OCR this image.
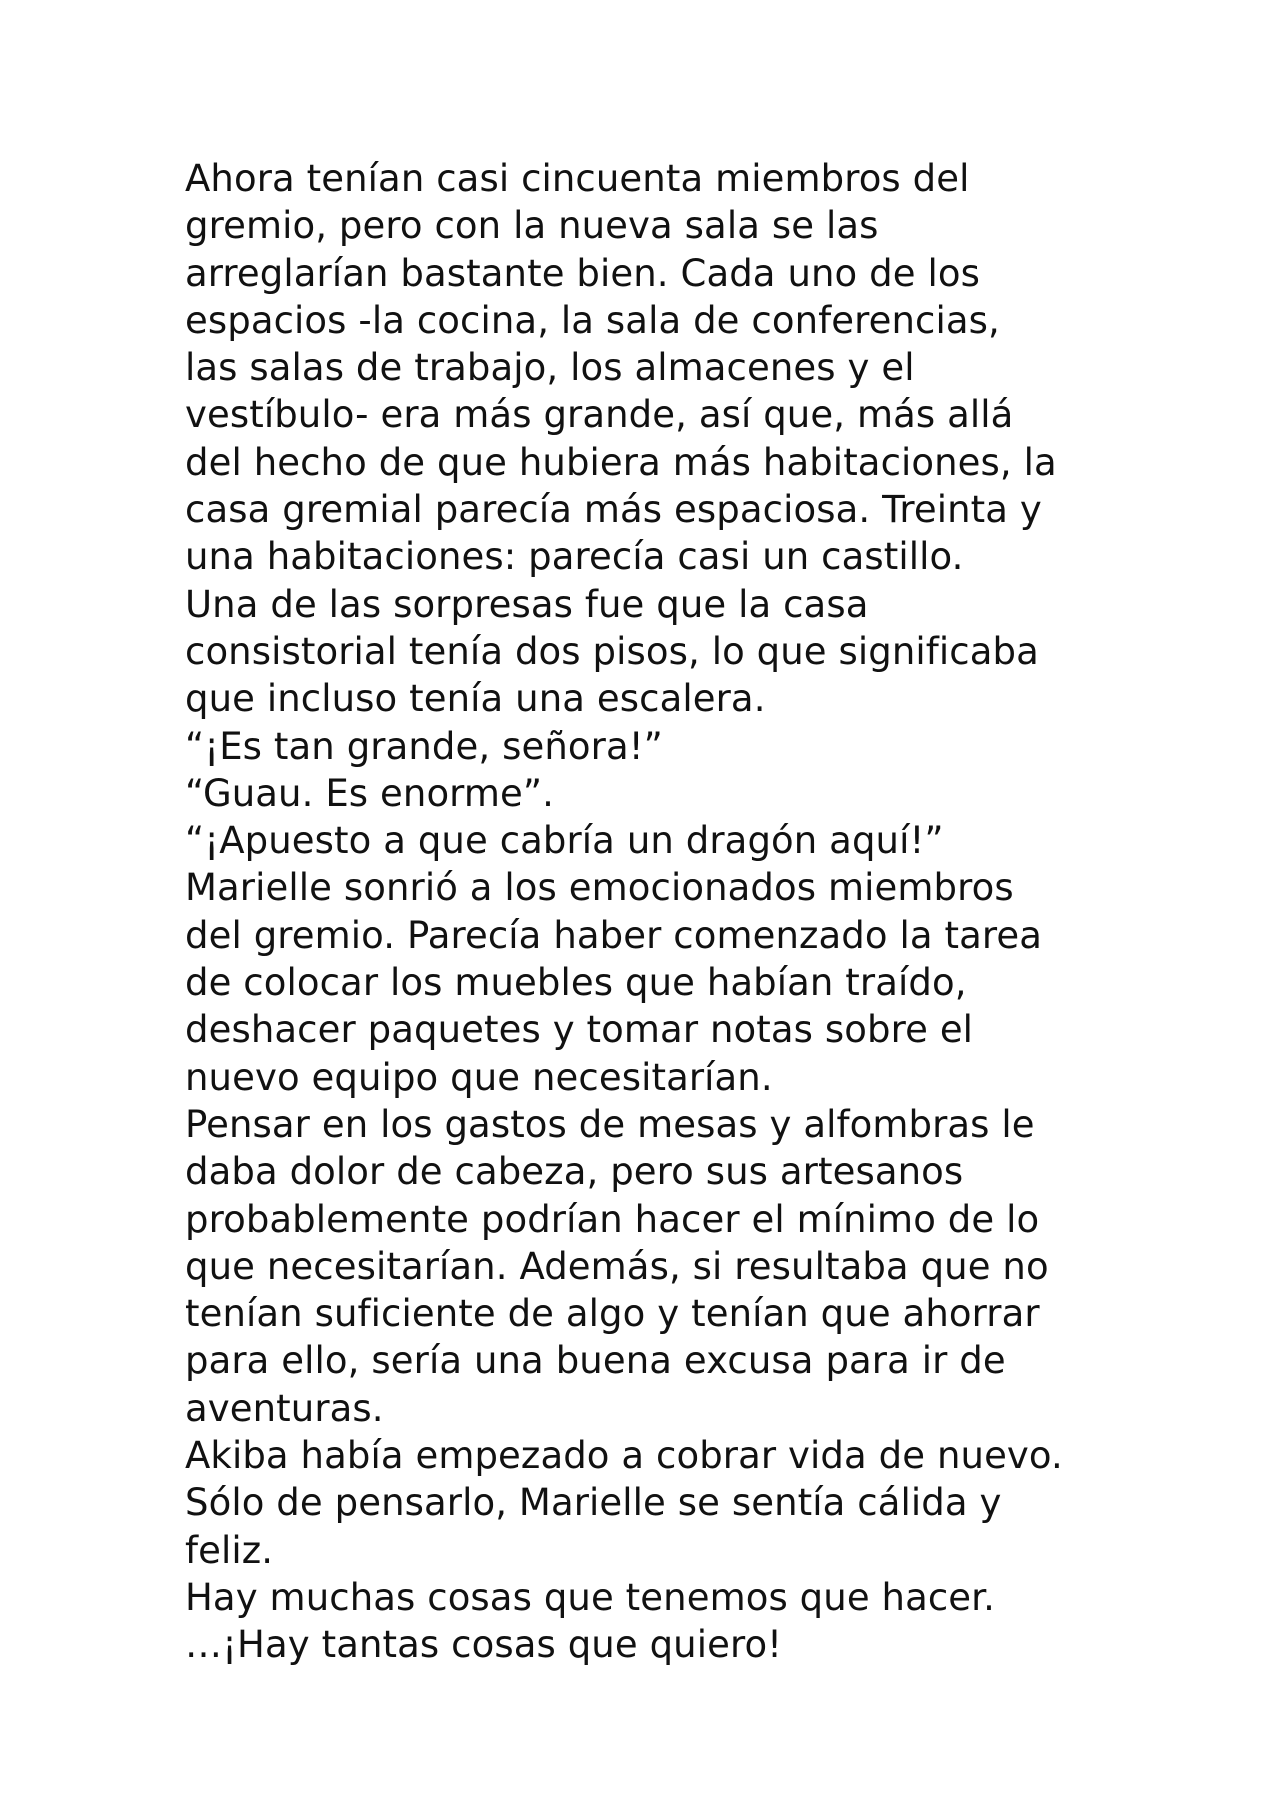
Ahora tenían casi cincuenta miembros del
gremio, pero con la nueva sala se las
arreglarían bastante bien. Cada uno de los
espacios -la cocina, la sala de conferencias,
las salas de trabajo, los almacenes y el
vestíbulo- era más grande, así que, más allá
del hecho de que hubiera más habitaciones, la
casa gremial parecía más espaciosa. Treinta y
una habitaciones: parecía casi un castillo.
Una de las sorpresas fue que la casa
consistorial tenía dos pisos, lo que significaba
que incluso tenía una escalera.
“¡Es tan grande, señora!”
“Guau. Es enorme”.
“¡Apuesto a que cabría un dragón aquí!”
Marielle sonrió a los emocionados miembros
del gremio. Parecía haber comenzado la tarea
de colocar los muebles que habían traído,
deshacer paquetes y tomar notas sobre el
nuevo equipo que necesitarían.
Pensar en los gastos de mesas y alfombras le
daba dolor de cabeza, pero sus artesanos
probablemente podrían hacer el mínimo de lo
que necesitarían. Además, si resultaba que no
tenían suficiente de algo y tenían que ahorrar
para ello, sería una buena excusa para ir de
aventuras.
Akiba había empezado a cobrar vida de nuevo.
Sólo de pensarlo, Marielle se sentía cálida y
feliz.
Hay muchas cosas que tenemos que hacer.
…¡Hay tantas cosas que quiero!
